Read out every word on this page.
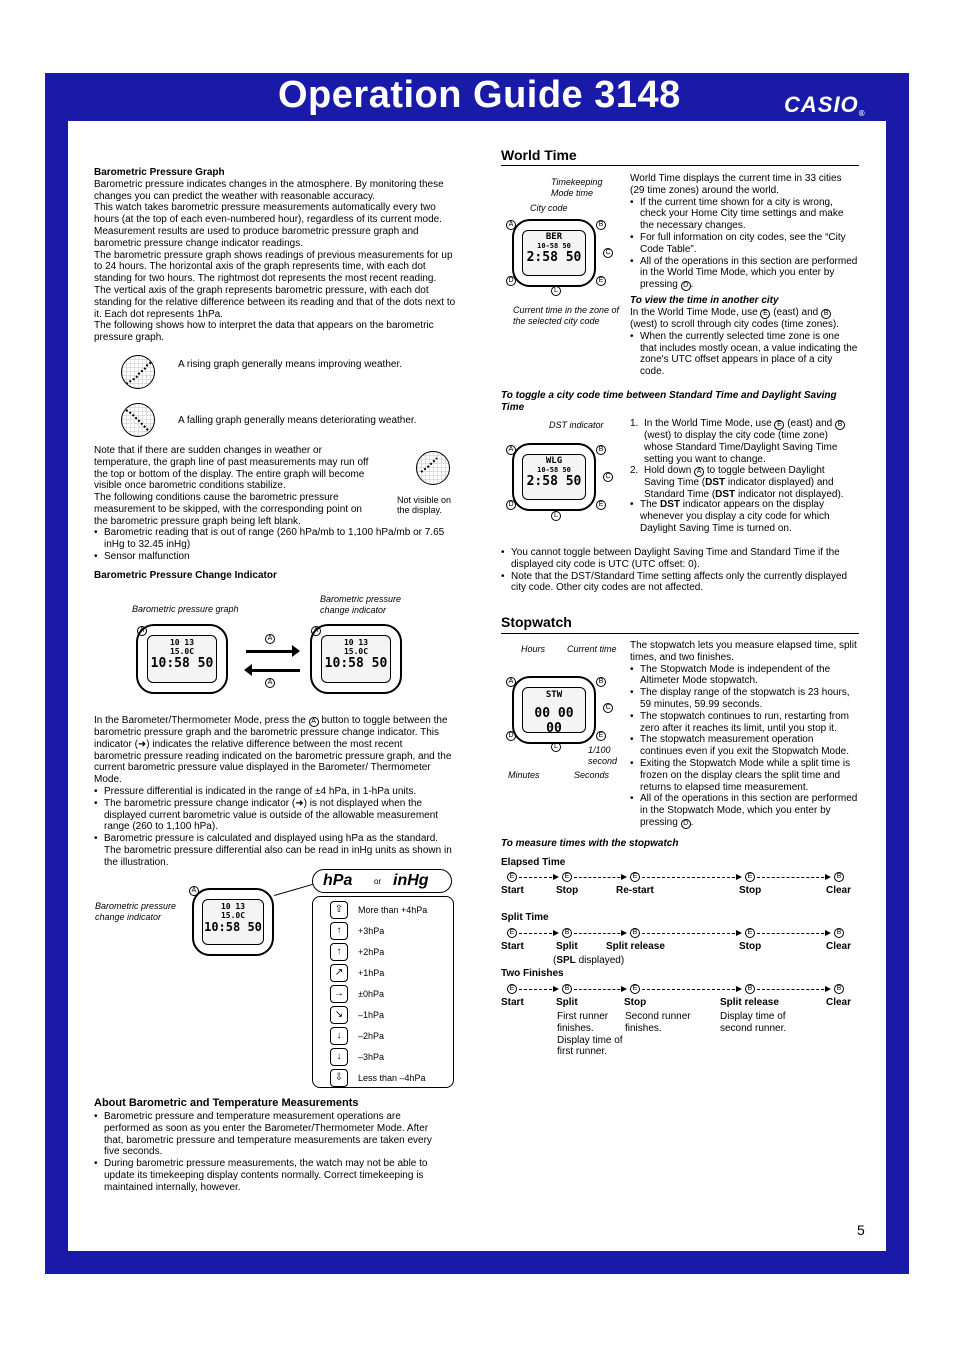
Operation Guide 3148	CASIO®
Barometric Pressure Graph
Barometric pressure indicates changes in the atmosphere. By monitoring these changes you can predict the weather with reasonable accuracy.
This watch takes barometric pressure measurements automatically every two hours (at the top of each even-numbered hour), regardless of its current mode. Measurement results are used to produce barometric pressure graph and barometric pressure change indicator readings.
The barometric pressure graph shows readings of previous measurements for up to 24 hours. The horizontal axis of the graph represents time, with each dot standing for two hours. The rightmost dot represents the most recent reading. The vertical axis of the graph represents barometric pressure, with each dot standing for the relative difference between its reading and that of the dots next to it. Each dot represents 1hPa.
The following shows how to interpret the data that appears on the barometric pressure graph.
A rising graph generally means improving weather.
A falling graph generally means deteriorating weather.
Note that if there are sudden changes in weather or temperature, the graph line of past measurements may run off the top or bottom of the display. The entire graph will become visible once barometric conditions stabilize.
The following conditions cause the barometric pressure measurement to be skipped, with the corresponding point on the barometric pressure graph being left blank.
Not visible on the display.
• Barometric reading that is out of range (260 hPa/mb to 1,100 hPa/mb or 7.65 inHg to 32.45 inHg)
• Sensor malfunction
Barometric Pressure Change Indicator
Barometric pressure graph
Barometric pressure change indicator
10 13
15.0C
10:58 50
A
A
A
10 13
15.0C
10:58 50
A
In the Barometer/Thermometer Mode, press the A button to toggle between the barometric pressure graph and the barometric pressure change indicator. This indicator (➜) indicates the relative difference between the most recent barometric pressure reading indicated on the barometric pressure graph, and the current barometric pressure value displayed in the Barometer/ Thermometer Mode.
• Pressure differential is indicated in the range of ±4 hPa, in 1-hPa units.
• The barometric pressure change indicator (➜) is not displayed when the displayed current barometric value is outside of the allowable measurement range (260 to 1,100 hPa).
• Barometric pressure is calculated and displayed using hPa as the standard. The barometric pressure differential also can be read in inHg units as shown in the illustration.
A
Barometric pressure change indicator
10 13
15.0C
10:58 50
hPa	or inHg
⇧	More than +4hPa
↑	+3hPa
↑	+2hPa
↗	+1hPa
→	±0hPa
↘	–1hPa
↓	–2hPa
↓	–3hPa
⇩	Less than –4hPa
About Barometric and Temperature Measurements
• Barometric pressure and temperature measurement operations are performed as soon as you enter the Barometer/Thermometer Mode. After that, barometric pressure and temperature measurements are taken every five seconds.
• During barometric pressure measurements, the watch may not be able to update its timekeeping display contents normally. Correct timekeeping is maintained internally, however.
World Time
Timekeeping Mode time
City code
BER
10-58 50
2:58 50
A	B
C
D	E
L
Current time in the zone of the selected city code
World Time displays the current time in 33 cities (29 time zones) around the world.
• If the current time shown for a city is wrong, check your Home City time settings and make the necessary changes.
• For full information on city codes, see the “City Code Table”.
• All of the operations in this section are performed in the World Time Mode, which you enter by pressing D .
To view the time in another city
In the World Time Mode, use E (east) and B (west) to scroll through city codes (time zones).
• When the currently selected time zone is one that includes mostly ocean, a value indicating the zone's UTC offset appears in place of a city code.
To toggle a city code time between Standard Time and Daylight Saving Time
DST indicator
WLG
10-58 50
2:58 50
A	B
C
D	E
L
1. In the World Time Mode, use E (east) and B (west) to display the city code (time zone) whose Standard Time/Daylight Saving Time setting you want to change.
2. Hold down A to toggle between Daylight Saving Time (DST indicator displayed) and Standard Time (DST indicator not displayed).
• The DST indicator appears on the display whenever you display a city code for which Daylight Saving Time is turned on.
• You cannot toggle between Daylight Saving Time and Standard Time if the displayed city code is UTC (UTC offset: 0).
• Note that the DST/Standard Time setting affects only the currently displayed city code. Other city codes are not affected.
Stopwatch
Hours Current time
STW
00 00 00
A	B
C
D	E
L	1/100 second
Minutes	Seconds
The stopwatch lets you measure elapsed time, split times, and two finishes.
• The Stopwatch Mode is independent of the Altimeter Mode stopwatch.
• The display range of the stopwatch is 23 hours, 59 minutes, 59.99 seconds.
• The stopwatch continues to run, restarting from zero after it reaches its limit, until you stop it.
• The stopwatch measurement operation continues even if you exit the Stopwatch Mode.
• Exiting the Stopwatch Mode while a split time is frozen on the display clears the split time and returns to elapsed time measurement.
• All of the operations in this section are performed in the Stopwatch Mode, which you enter by pressing D .
To measure times with the stopwatch
Elapsed Time
E	E	E	E	B
Start	Stop	Re-start	Stop	Clear
Split Time
E	B	B	E	B
Start	Split	Split release	Stop	Clear
(SPL displayed)
Two Finishes
E	B	E	B	B
Start	Split	Stop	Split release	Clear
First runner finishes. Display time of first runner.
Second runner finishes.
Display time of second runner.
5
